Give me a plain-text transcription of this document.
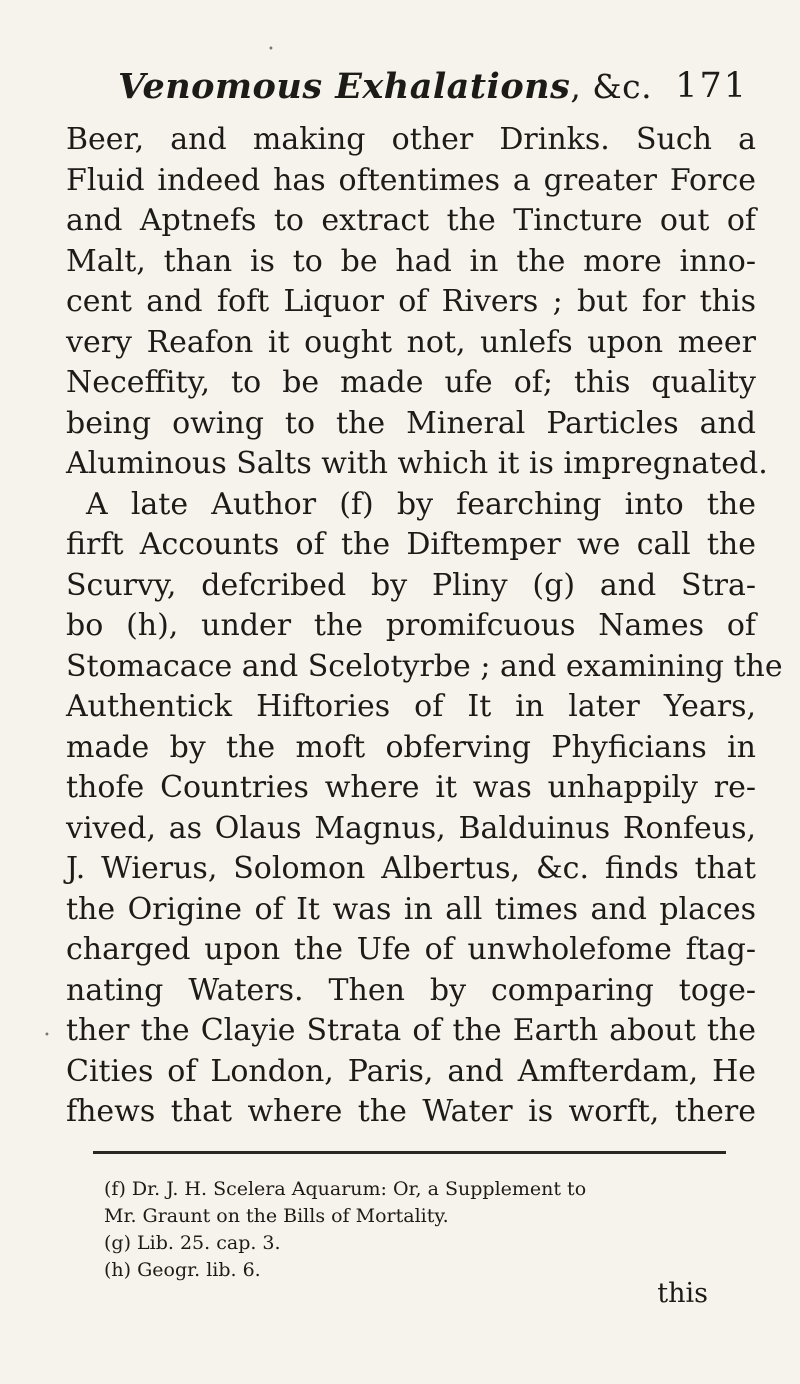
Venomous Exhalations, &c. 171
Beer, and making other Drinks. Such a
Fluid indeed has oftentimes a greater Force
and Aptnefs to extract the Tincture out of
Malt, than is to be had in the more inno-
cent and foft Liquor of Rivers ; but for this
very Reafon it ought not, unlefs upon meer
Neceffity, to be made ufe of; this quality
being owing to the Mineral Particles and
Aluminous Salts with which it is impregnated.
A late Author (f) by fearching into the
firft Accounts of the Diftemper we call the
Scurvy, defcribed by Pliny (g) and Stra-
bo (h), under the promifcuous Names of
Stomacace and Scelotyrbe ; and examining the
Authentick Hiftories of It in later Years,
made by the moft obferving Phyficians in
thofe Countries where it was unhappily re-
vived, as Olaus Magnus, Balduinus Ronfeus,
J. Wierus, Solomon Albertus, &c. finds that
the Origine of It was in all times and places
charged upon the Ufe of unwholefome ftag-
nating Waters. Then by comparing toge-
ther the Clayie Strata of the Earth about the
Cities of London, Paris, and Amfterdam, He
fhews that where the Water is worft, there
(f) Dr. J. H. Scelera Aquarum: Or, a Supplement to
Mr. Graunt on the Bills of Mortality.
(g) Lib. 25. cap. 3.
(h) Geogr. lib. 6.
this
•
•
